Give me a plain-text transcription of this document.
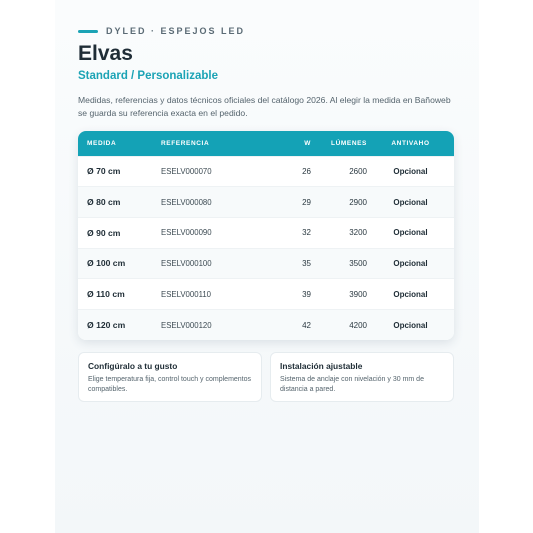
DYLED · ESPEJOS LED
Elvas
Standard / Personalizable

Medidas, referencias y datos técnicos oficiales del catálogo 2026. Al elegir la medida en Bañoweb se guarda su referencia exacta en el pedido.

MEDIDA	REFERENCIA	W	LÚMENES	ANTIVAHO
Ø 70 cm	ESELV000070	26	2600	Opcional
Ø 80 cm	ESELV000080	29	2900	Opcional
Ø 90 cm	ESELV000090	32	3200	Opcional
Ø 100 cm	ESELV000100	35	3500	Opcional
Ø 110 cm	ESELV000110	39	3900	Opcional
Ø 120 cm	ESELV000120	42	4200	Opcional
Configúralo a tu gusto
Elige temperatura fija, control touch y complementos compatibles.
Instalación ajustable
Sistema de anclaje con nivelación y 30 mm de distancia a pared.
